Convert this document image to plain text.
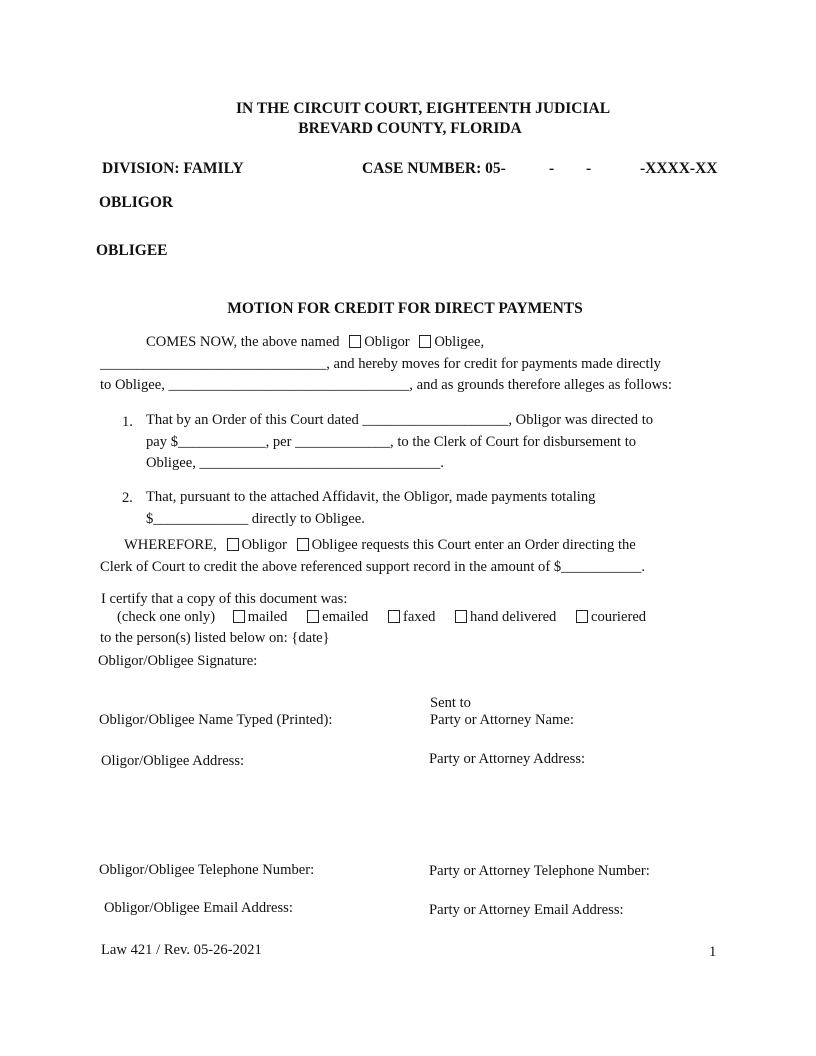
IN THE CIRCUIT COURT, EIGHTEENTH JUDICIAL
BREVARD COUNTY, FLORIDA
DIVISION: FAMILY	CASE NUMBER: 05-	- -	-XXXX-XX
OBLIGOR
OBLIGEE
MOTION FOR CREDIT FOR DIRECT PAYMENTS
COMES NOW, the above named Obligor Obligee,
_______________________________, and hereby moves for credit for payments made directly
to Obligee, _________________________________, and as grounds therefore alleges as follows:
1. That by an Order of this Court dated ____________________, Obligor was directed to
pay $____________, per _____________, to the Clerk of Court for disbursement to
Obligee, _________________________________.
2. That, pursuant to the attached Affidavit, the Obligor, made payments totaling
$_____________ directly to Obligee.
WHEREFORE, Obligor Obligee requests this Court enter an Order directing the
Clerk of Court to credit the above referenced support record in the amount of $___________.
I certify that a copy of this document was:
(check one only) mailed emailed faxed hand delivered couriered
to the person(s) listed below on: {date}
Obligor/Obligee Signature:
Sent to
Obligor/Obligee Name Typed (Printed):	Party or Attorney Name:
Oligor/Obligee Address:	Party or Attorney Address:
Obligor/Obligee Telephone Number:	Party or Attorney Telephone Number:
Obligor/Obligee Email Address:	Party or Attorney Email Address:
Law 421 / Rev. 05-26-2021	1
